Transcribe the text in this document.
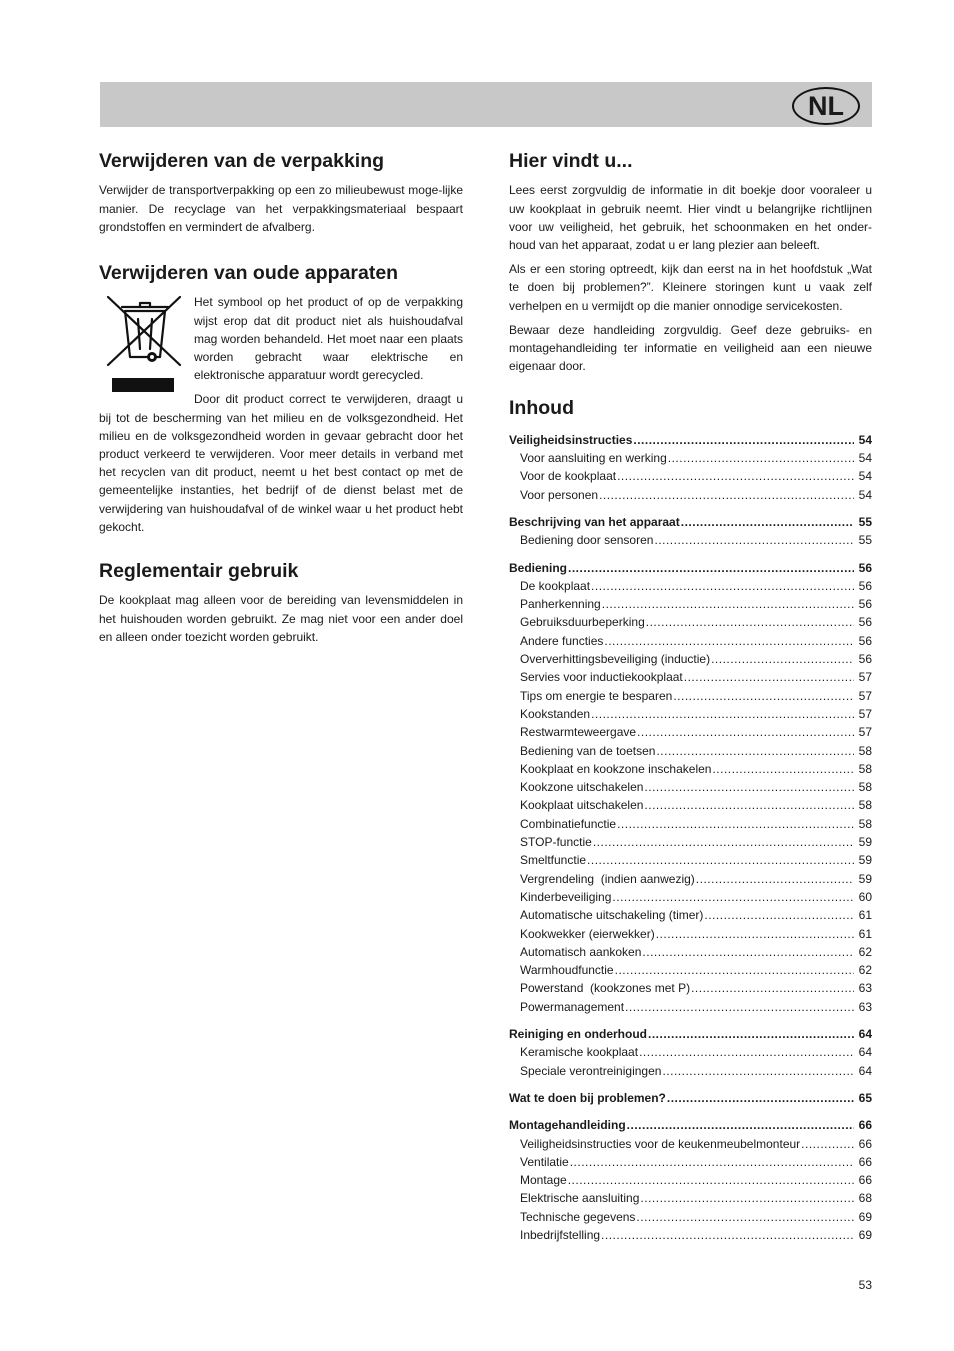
NL
Verwijderen van de verpakking

Verwijder de transportverpakking op een zo milieubewust moge-lijke manier. De recyclage van het verpakkingsmateriaal bespaart grondstoffen en vermindert de afvalberg.

Verwijderen van oude apparaten

Het symbool op het product of op de verpakking wijst erop dat dit product niet als huishoudafval mag worden behandeld. Het moet naar een plaats worden gebracht waar elektrische en elektronische apparatuur wordt gerecycled.

Door dit product correct te verwijderen, draagt u bij tot de bescherming van het milieu en de volksgezondheid. Het milieu en de volksgezondheid worden in gevaar gebracht door het product verkeerd te verwijderen. Voor meer details in verband met het recyclen van dit product, neemt u het best contact op met de gemeentelijke instanties, het bedrijf of de dienst belast met de verwijdering van huishoudafval of de winkel waar u het product hebt gekocht.

Reglementair gebruik

De kookplaat mag alleen voor de bereiding van levensmiddelen in het huishouden worden gebruikt. Ze mag niet voor een ander doel en alleen onder toezicht worden gebruikt.

Hier vindt u...

Lees eerst zorgvuldig de informatie in dit boekje door vooraleer u uw kookplaat in gebruik neemt. Hier vindt u belangrijke richtlijnen voor uw veiligheid, het gebruik, het schoonmaken en het onder-houd van het apparaat, zodat u er lang plezier aan beleeft.

Als er een storing optreedt, kijk dan eerst na in het hoofdstuk „Wat te doen bij problemen?”. Kleinere storingen kunt u vaak zelf verhelpen en u vermijdt op die manier onnodige servicekosten.

Bewaar deze handleiding zorgvuldig. Geef deze gebruiks- en montagehandleiding ter informatie en veiligheid aan een nieuwe eigenaar door.

Inhoud
Veiligheidsinstructies .....	54
Voor aansluiting en werking .....	54
Voor de kookplaat .....	54
Voor personen .....	54
Beschrijving van het apparaat .....	55
Bediening door sensoren .....	55
Bediening .....	56
De kookplaat .....	56
Panherkenning .....	56
Gebruiksduurbeperking .....	56
Andere functies .....	56
Oververhittingsbeveiliging (inductie) .....	56
Servies voor inductiekookplaat .....	57
Tips om energie te besparen .....	57
Kookstanden .....	57
Restwarmteweergave .....	57
Bediening van de toetsen .....	58
Kookplaat en kookzone inschakelen .....	58
Kookzone uitschakelen .....	58
Kookplaat uitschakelen .....	58
Combinatiefunctie .....	58
STOP-functie .....	59
Smeltfunctie .....	59
Vergrendeling  (indien aanwezig) .....	59
Kinderbeveiliging .....	60
Automatische uitschakeling (timer) .....	61
Kookwekker (eierwekker) .....	61
Automatisch aankoken .....	62
Warmhoudfunctie .....	62
Powerstand  (kookzones met P) .....	63
Powermanagement .....	63
Reiniging en onderhoud .....	64
Keramische kookplaat .....	64
Speciale verontreinigingen .....	64
Wat te doen bij problemen? .....	65
Montagehandleiding .....	66
Veiligheidsinstructies voor de keukenmeubelmonteur .....	66
Ventilatie .....	66
Montage .....	66
Elektrische aansluiting .....	68
Technische gegevens .....	69
Inbedrijfstelling .....	69
53
